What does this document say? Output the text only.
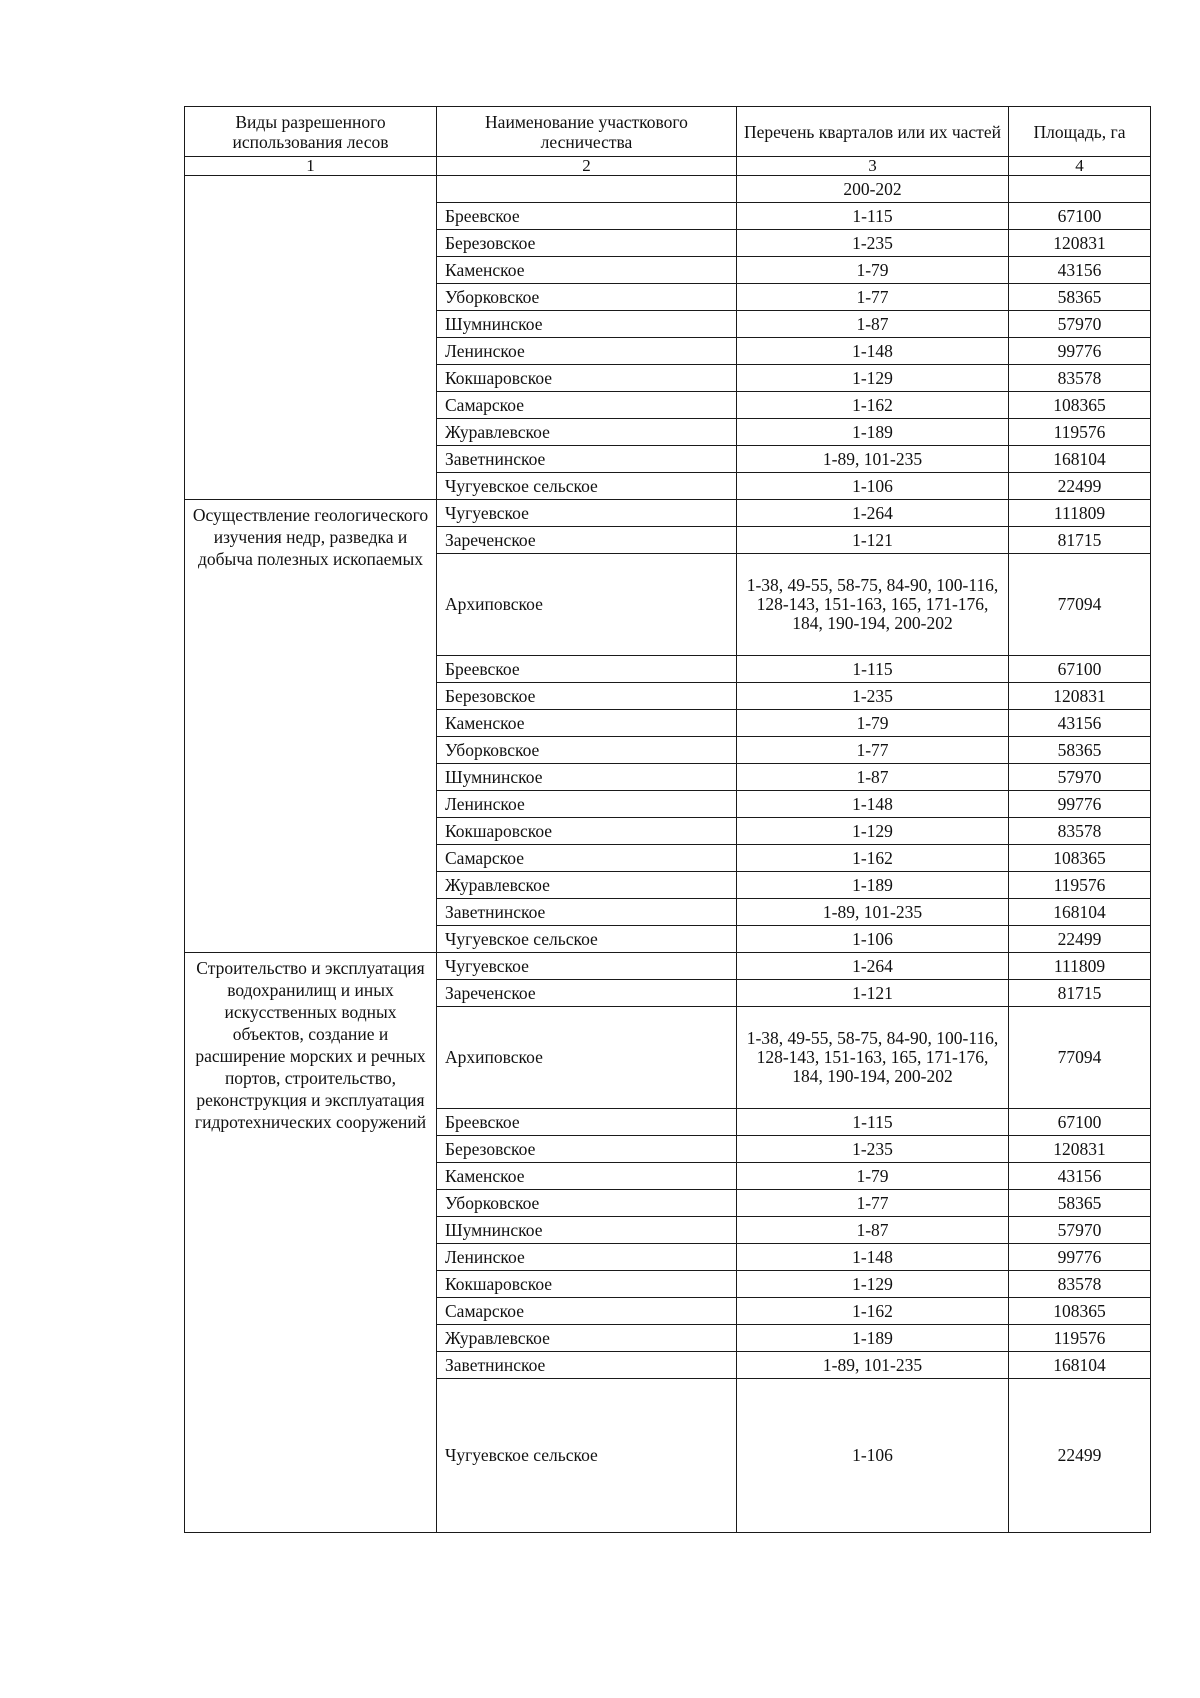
Виды разрешенного использования лесов	Наименование участкового лесничества	Перечень кварталов или их частей	Площадь, га
1	2	3	4
		200-202	
	Бреевское	1-115	67100
	Березовское	1-235	120831
	Каменское	1-79	43156
	Уборковское	1-77	58365
	Шумнинское	1-87	57970
	Ленинское	1-148	99776
	Кокшаровское	1-129	83578
	Самарское	1-162	108365
	Журавлевское	1-189	119576
	Заветнинское	1-89, 101-235	168104
	Чугуевское сельское	1-106	22499
Осуществление геологического изучения недр, разведка и добыча полезных ископаемых	Чугуевское	1-264	111809
	Зареченское	1-121	81715
	Архиповское	1-38, 49-55, 58-75, 84-90, 100-116, 128-143, 151-163, 165, 171-176, 184, 190-194, 200-202	77094
	Бреевское	1-115	67100
	Березовское	1-235	120831
	Каменское	1-79	43156
	Уборковское	1-77	58365
	Шумнинское	1-87	57970
	Ленинское	1-148	99776
	Кокшаровское	1-129	83578
	Самарское	1-162	108365
	Журавлевское	1-189	119576
	Заветнинское	1-89, 101-235	168104
	Чугуевское сельское	1-106	22499
Строительство и эксплуатация водохранилищ и иных искусственных водных объектов, создание и расширение морских и речных портов, строительство, реконструкция и эксплуатация гидротехнических сооружений	Чугуевское	1-264	111809
	Зареченское	1-121	81715
	Архиповское	1-38, 49-55, 58-75, 84-90, 100-116, 128-143, 151-163, 165, 171-176, 184, 190-194, 200-202	77094
	Бреевское	1-115	67100
	Березовское	1-235	120831
	Каменское	1-79	43156
	Уборковское	1-77	58365
	Шумнинское	1-87	57970
	Ленинское	1-148	99776
	Кокшаровское	1-129	83578
	Самарское	1-162	108365
	Журавлевское	1-189	119576
	Заветнинское	1-89, 101-235	168104
	Чугуевское сельское	1-106	22499
